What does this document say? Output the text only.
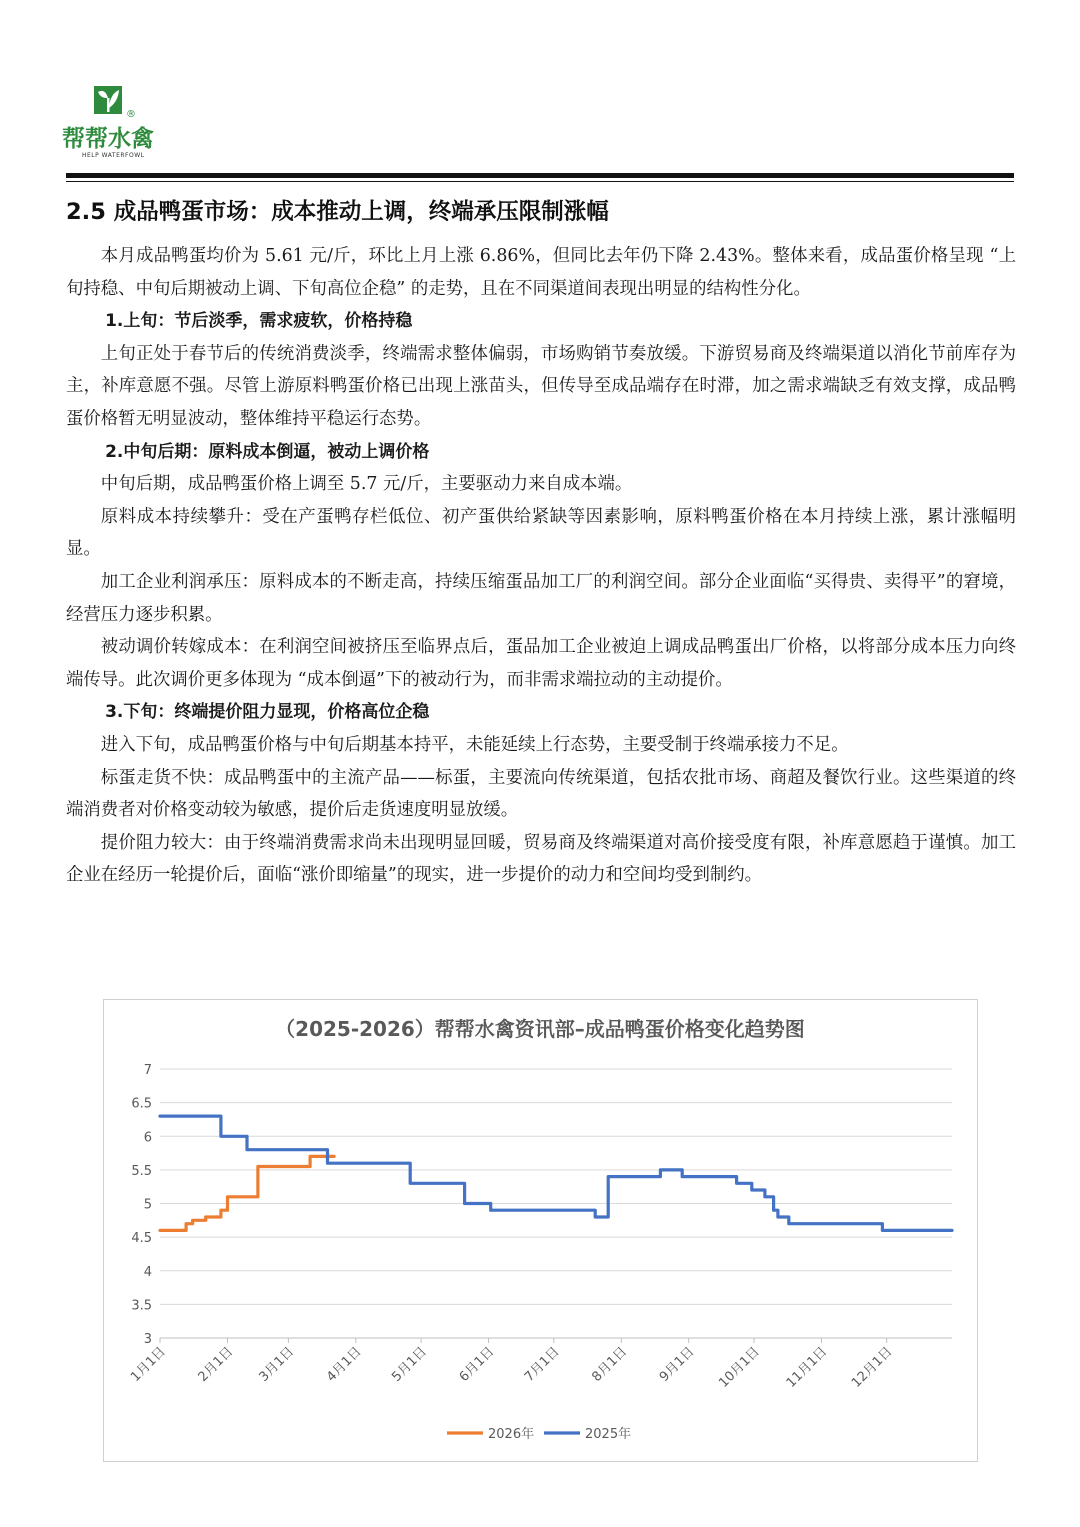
®
帮帮水禽
HELP WATERFOWL
2.5 成品鸭蛋市场：成本推动上调，终端承压限制涨幅

本月成品鸭蛋均价为 5.61 元/斤，环比上月上涨 6.86%，但同比去年仍下降 2.43%。整体来看，成品蛋价格呈现 “上旬持稳、中旬后期被动上调、下旬高位企稳” 的走势，且在不同渠道间表现出明显的结构性分化。

1.上旬：节后淡季，需求疲软，价格持稳

上旬正处于春节后的传统消费淡季，终端需求整体偏弱，市场购销节奏放缓。下游贸易商及终端渠道以消化节前库存为主，补库意愿不强。尽管上游原料鸭蛋价格已出现上涨苗头，但传导至成品端存在时滞，加之需求端缺乏有效支撑，成品鸭蛋价格暂无明显波动，整体维持平稳运行态势。

2.中旬后期：原料成本倒逼，被动上调价格

中旬后期，成品鸭蛋价格上调至 5.7 元/斤，主要驱动力来自成本端。

原料成本持续攀升：受在产蛋鸭存栏低位、初产蛋供给紧缺等因素影响，原料鸭蛋价格在本月持续上涨，累计涨幅明显。

加工企业利润承压：原料成本的不断走高，持续压缩蛋品加工厂的利润空间。部分企业面临“买得贵、卖得平”的窘境，经营压力逐步积累。

被动调价转嫁成本：在利润空间被挤压至临界点后，蛋品加工企业被迫上调成品鸭蛋出厂价格，以将部分成本压力向终端传导。此次调价更多体现为 “成本倒逼”下的被动行为，而非需求端拉动的主动提价。

3.下旬：终端提价阻力显现，价格高位企稳

进入下旬，成品鸭蛋价格与中旬后期基本持平，未能延续上行态势，主要受制于终端承接力不足。

标蛋走货不快：成品鸭蛋中的主流产品——标蛋，主要流向传统渠道，包括农批市场、商超及餐饮行业。这些渠道的终端消费者对价格变动较为敏感，提价后走货速度明显放缓。

提价阻力较大：由于终端消费需求尚未出现明显回暖，贸易商及终端渠道对高价接受度有限，补库意愿趋于谨慎。加工企业在经历一轮提价后，面临“涨价即缩量”的现实，进一步提价的动力和空间均受到制约。

（2025-2026）帮帮水禽资讯部–成品鸭蛋价格变化趋势图
3
3.5
4
4.5
5
5.5
6
6.5
7
1月1日 2月1日 3月1日 4月1日 5月1日 6月1日 7月1日 8月1日 9月1日 10月1日 11月1日 12月1日
2026年	2025年
